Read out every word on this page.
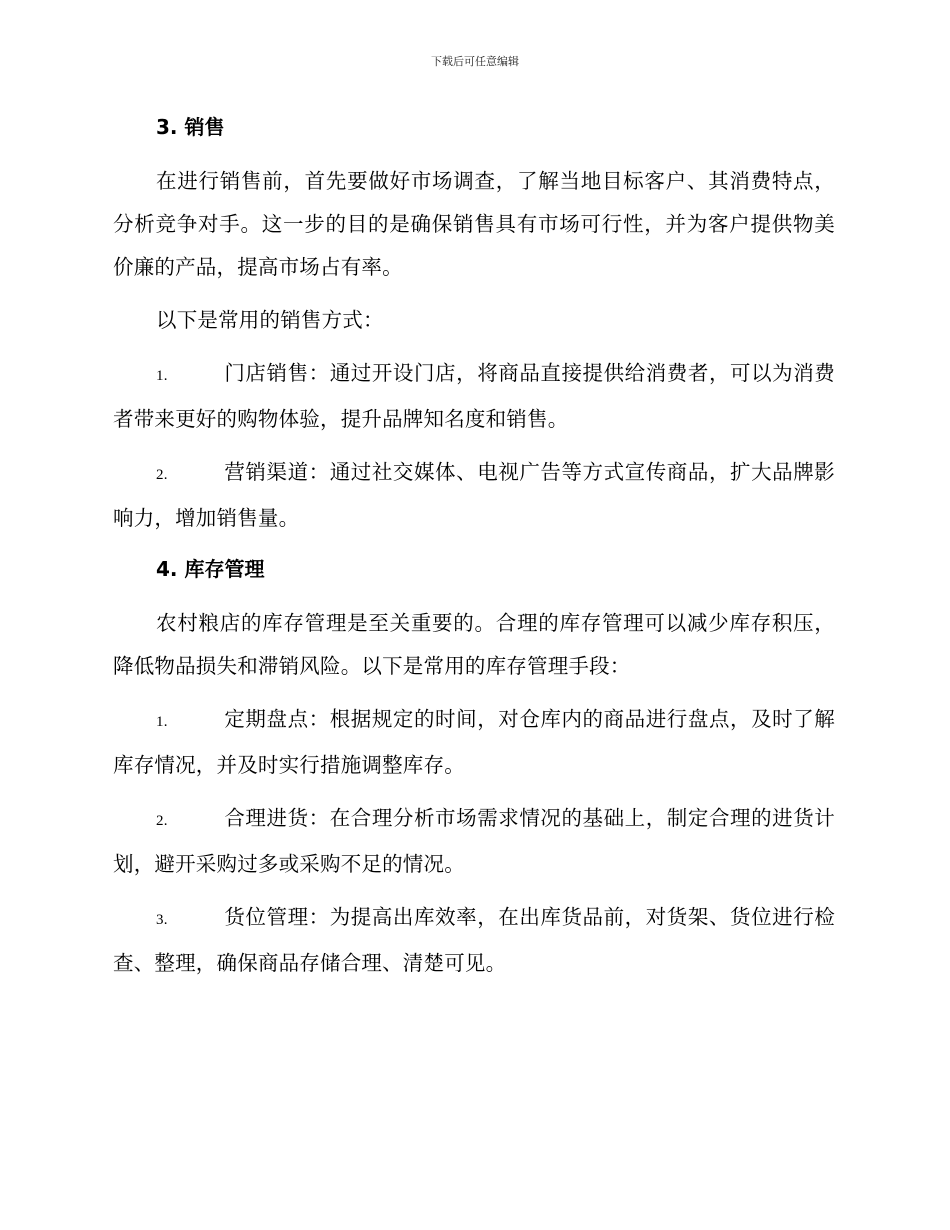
下载后可任意编辑
3. 销售

在进行销售前，首先要做好市场调查，了解当地目标客户、其消费特点，分析竞争对手。这一步的目的是确保销售具有市场可行性，并为客户提供物美价廉的产品，提高市场占有率。

以下是常用的销售方式：

1.	门店销售：通过开设门店，将商品直接提供给消费者，可以为消费者带来更好的购物体验，提升品牌知名度和销售。

2.	营销渠道：通过社交媒体、电视广告等方式宣传商品，扩大品牌影响力，增加销售量。

4. 库存管理

农村粮店的库存管理是至关重要的。合理的库存管理可以减少库存积压，降低物品损失和滞销风险。以下是常用的库存管理手段：

1.	定期盘点：根据规定的时间，对仓库内的商品进行盘点，及时了解库存情况，并及时实行措施调整库存。

2.	合理进货：在合理分析市场需求情况的基础上，制定合理的进货计划，避开采购过多或采购不足的情况。

3.	货位管理：为提高出库效率，在出库货品前，对货架、货位进行检查、整理，确保商品存储合理、清楚可见。
